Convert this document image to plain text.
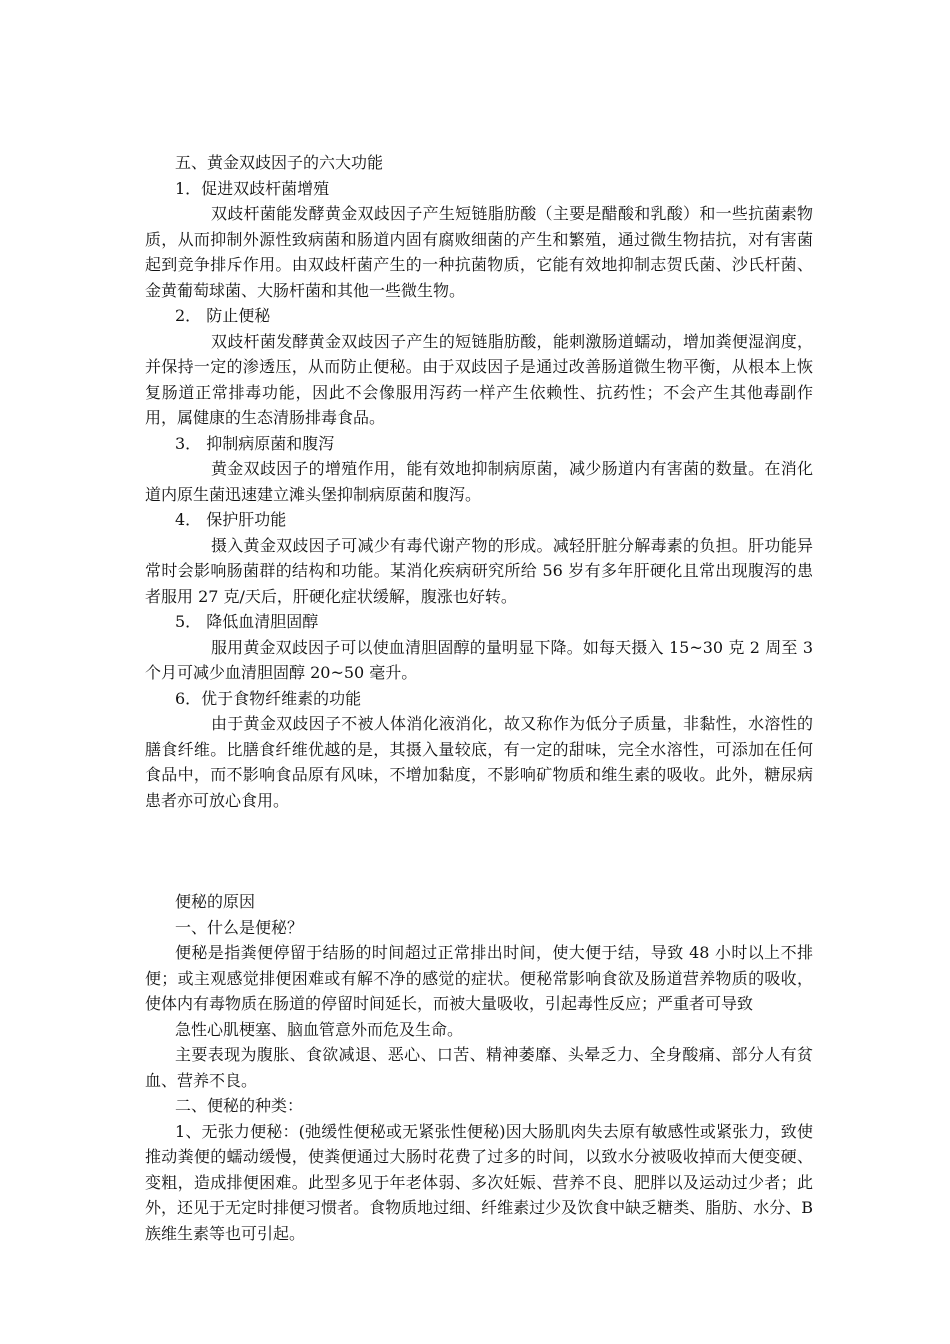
五、黄金双歧因子的六大功能

1．促进双歧杆菌增殖

双歧杆菌能发酵黄金双歧因子产生短链脂肪酸（主要是醋酸和乳酸）和一些抗菌素物质，从而抑制外源性致病菌和肠道内固有腐败细菌的产生和繁殖，通过微生物拮抗，对有害菌起到竞争排斥作用。由双歧杆菌产生的一种抗菌物质，它能有效地抑制志贺氏菌、沙氏杆菌、金黄葡萄球菌、大肠杆菌和其他一些微生物。

2． 防止便秘

双歧杆菌发酵黄金双歧因子产生的短链脂肪酸，能刺激肠道蠕动，增加粪便湿润度，并保持一定的渗透压，从而防止便秘。由于双歧因子是通过改善肠道微生物平衡，从根本上恢复肠道正常排毒功能，因此不会像服用泻药一样产生依赖性、抗药性；不会产生其他毒副作用，属健康的生态清肠排毒食品。

3． 抑制病原菌和腹泻

黄金双歧因子的增殖作用，能有效地抑制病原菌，减少肠道内有害菌的数量。在消化道内原生菌迅速建立滩头堡抑制病原菌和腹泻。

4． 保护肝功能

摄入黄金双歧因子可减少有毒代谢产物的形成。减轻肝脏分解毒素的负担。肝功能异常时会影响肠菌群的结构和功能。某消化疾病研究所给 56 岁有多年肝硬化且常出现腹泻的患者服用 27 克/天后，肝硬化症状缓解，腹涨也好转。

5． 降低血清胆固醇

服用黄金双歧因子可以使血清胆固醇的量明显下降。如每天摄入 15~30 克 2 周至 3 个月可减少血清胆固醇 20~50 毫升。

6．优于食物纤维素的功能

由于黄金双歧因子不被人体消化液消化，故又称作为低分子质量，非黏性，水溶性的膳食纤维。比膳食纤维优越的是，其摄入量较底，有一定的甜味，完全水溶性，可添加在任何食品中，而不影响食品原有风味，不增加黏度，不影响矿物质和维生素的吸收。此外，糖尿病患者亦可放心食用。

便秘的原因

一、什么是便秘？

便秘是指粪便停留于结肠的时间超过正常排出时间，使大便于结，导致 48 小时以上不排便；或主观感觉排便困难或有解不净的感觉的症状。便秘常影响食欲及肠道营养物质的吸收，使体内有毒物质在肠道的停留时间延长，而被大量吸收，引起毒性反应；严重者可导致

急性心肌梗塞、脑血管意外而危及生命。

主要表现为腹胀、食欲减退、恶心、口苦、精神萎靡、头晕乏力、全身酸痛、部分人有贫血、营养不良。

二、便秘的种类：

1、无张力便秘：(弛缓性便秘或无紧张性便秘)因大肠肌肉失去原有敏感性或紧张力，致使推动粪便的蠕动缓慢，使粪便通过大肠时花费了过多的时间，以致水分被吸收掉而大便变硬、变粗，造成排便困难。此型多见于年老体弱、多次妊娠、营养不良、肥胖以及运动过少者；此外，还见于无定时排便习惯者。食物质地过细、纤维素过少及饮食中缺乏糖类、脂肪、水分、B 族维生素等也可引起。
